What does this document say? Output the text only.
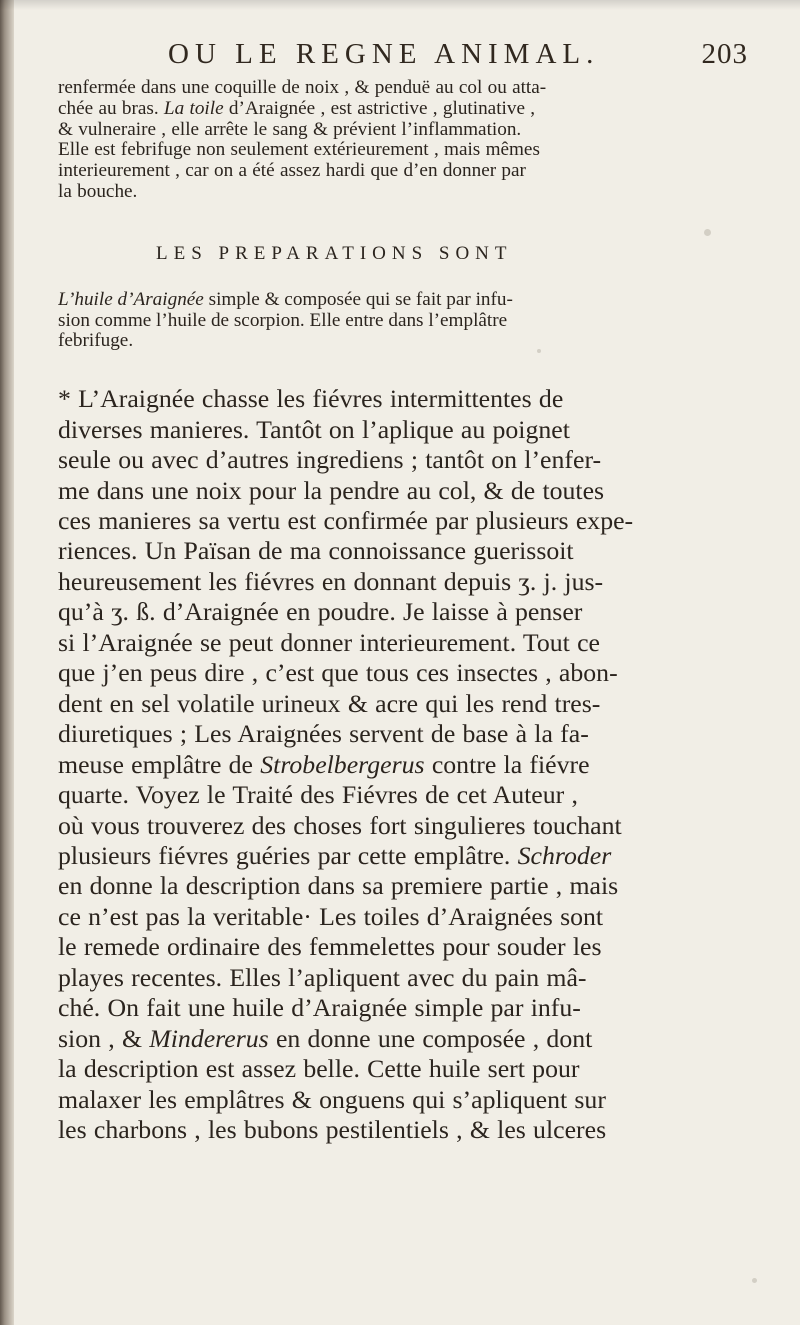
OU LE REGNE ANIMAL.	203
renfermée dans une coquille de noix , & penduë au col ou atta-
chée au bras. La toile d’Araignée , est astrictive , glutinative ,
& vulneraire , elle arrête le sang & prévient l’inflammation.
Elle est febrifuge non seulement extérieurement , mais mêmes
interieurement , car on a été assez hardi que d’en donner par
la bouche.
LES PREPARATIONS SONT
L’huile d’Araignée simple & composée qui se fait par infu-
sion comme l’huile de scorpion. Elle entre dans l’emplâtre
febrifuge.
* L’Araignée chasse les fiévres intermittentes de
diverses manieres. Tantôt on l’aplique au poignet
seule ou avec d’autres ingrediens ; tantôt on l’enfer-
me dans une noix pour la pendre au col, & de toutes
ces manieres sa vertu est confirmée par plusieurs expe-
riences. Un Païsan de ma connoissance guerissoit
heureusement les fiévres en donnant depuis ʒ. j. jus-
qu’à ʒ. ß. d’Araignée en poudre. Je laisse à penser
si l’Araignée se peut donner interieurement. Tout ce
que j’en peus dire , c’est que tous ces insectes , abon-
dent en sel volatile urineux & acre qui les rend tres-
diuretiques ; Les Araignées servent de base à la fa-
meuse emplâtre de Strobelbergerus contre la fiévre
quarte. Voyez le Traité des Fiévres de cet Auteur ,
où vous trouverez des choses fort singulieres touchant
plusieurs fiévres guéries par cette emplâtre. Schroder
en donne la description dans sa premiere partie , mais
ce n’est pas la veritable· Les toiles d’Araignées sont
le remede ordinaire des femmelettes pour souder les
playes recentes. Elles l’apliquent avec du pain mâ-
ché. On fait une huile d’Araignée simple par infu-
sion , & Mindererus en donne une composée , dont
la description est assez belle. Cette huile sert pour
malaxer les emplâtres & onguens qui s’apliquent sur
les charbons , les bubons pestilentiels , & les ulceres
